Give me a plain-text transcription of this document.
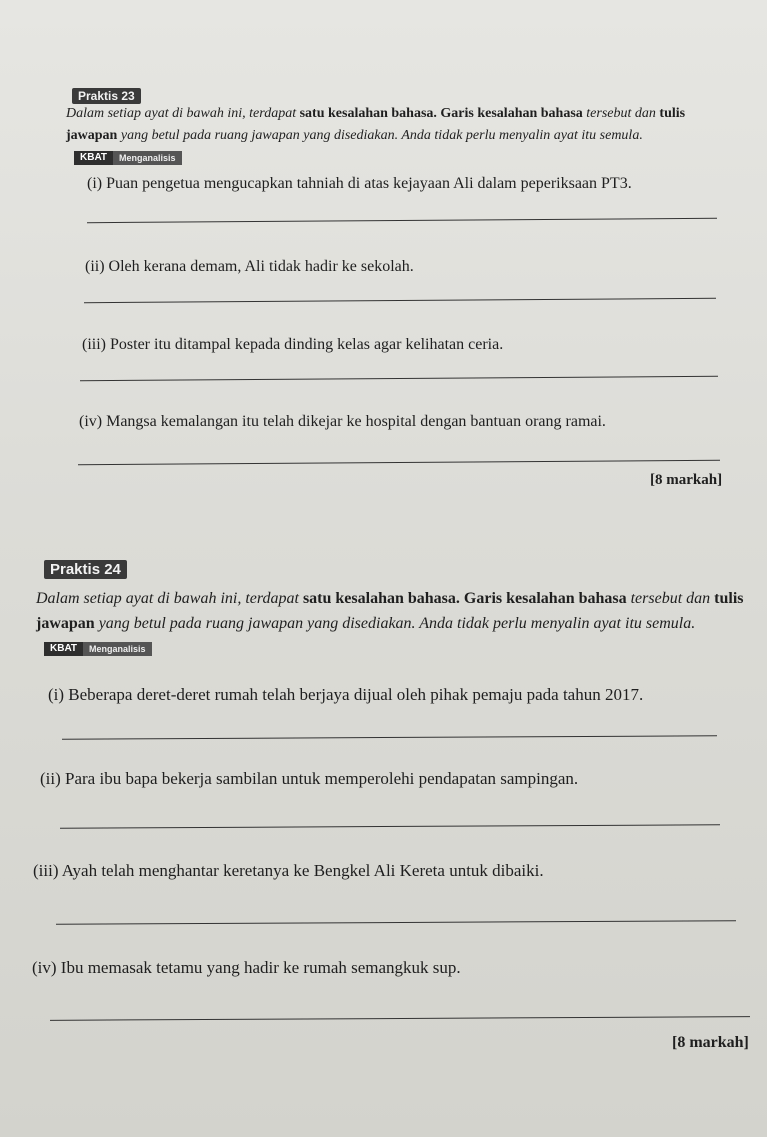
Praktis 23

Dalam setiap ayat di bawah ini, terdapat satu kesalahan bahasa. Garis kesalahan bahasa tersebut dan tulis jawapan yang betul pada ruang jawapan yang disediakan. Anda tidak perlu menyalin ayat itu semula.
KBAT	Menganalisis

(i) Puan pengetua mengucapkan tahniah di atas kejayaan Ali dalam peperiksaan PT3.

(ii) Oleh kerana demam, Ali tidak hadir ke sekolah.

(iii) Poster itu ditampal kepada dinding kelas agar kelihatan ceria.

(iv) Mangsa kemalangan itu telah dikejar ke hospital dengan bantuan orang ramai.

[8 markah]
Praktis 24

Dalam setiap ayat di bawah ini, terdapat satu kesalahan bahasa. Garis kesalahan bahasa tersebut dan tulis jawapan yang betul pada ruang jawapan yang disediakan. Anda tidak perlu menyalin ayat itu semula.
KBAT	Menganalisis

(i) Beberapa deret-deret rumah telah berjaya dijual oleh pihak pemaju pada tahun 2017.

(ii) Para ibu bapa bekerja sambilan untuk memperolehi pendapatan sampingan.

(iii) Ayah telah menghantar keretanya ke Bengkel Ali Kereta untuk dibaiki.

(iv) Ibu memasak tetamu yang hadir ke rumah semangkuk sup.

[8 markah]
